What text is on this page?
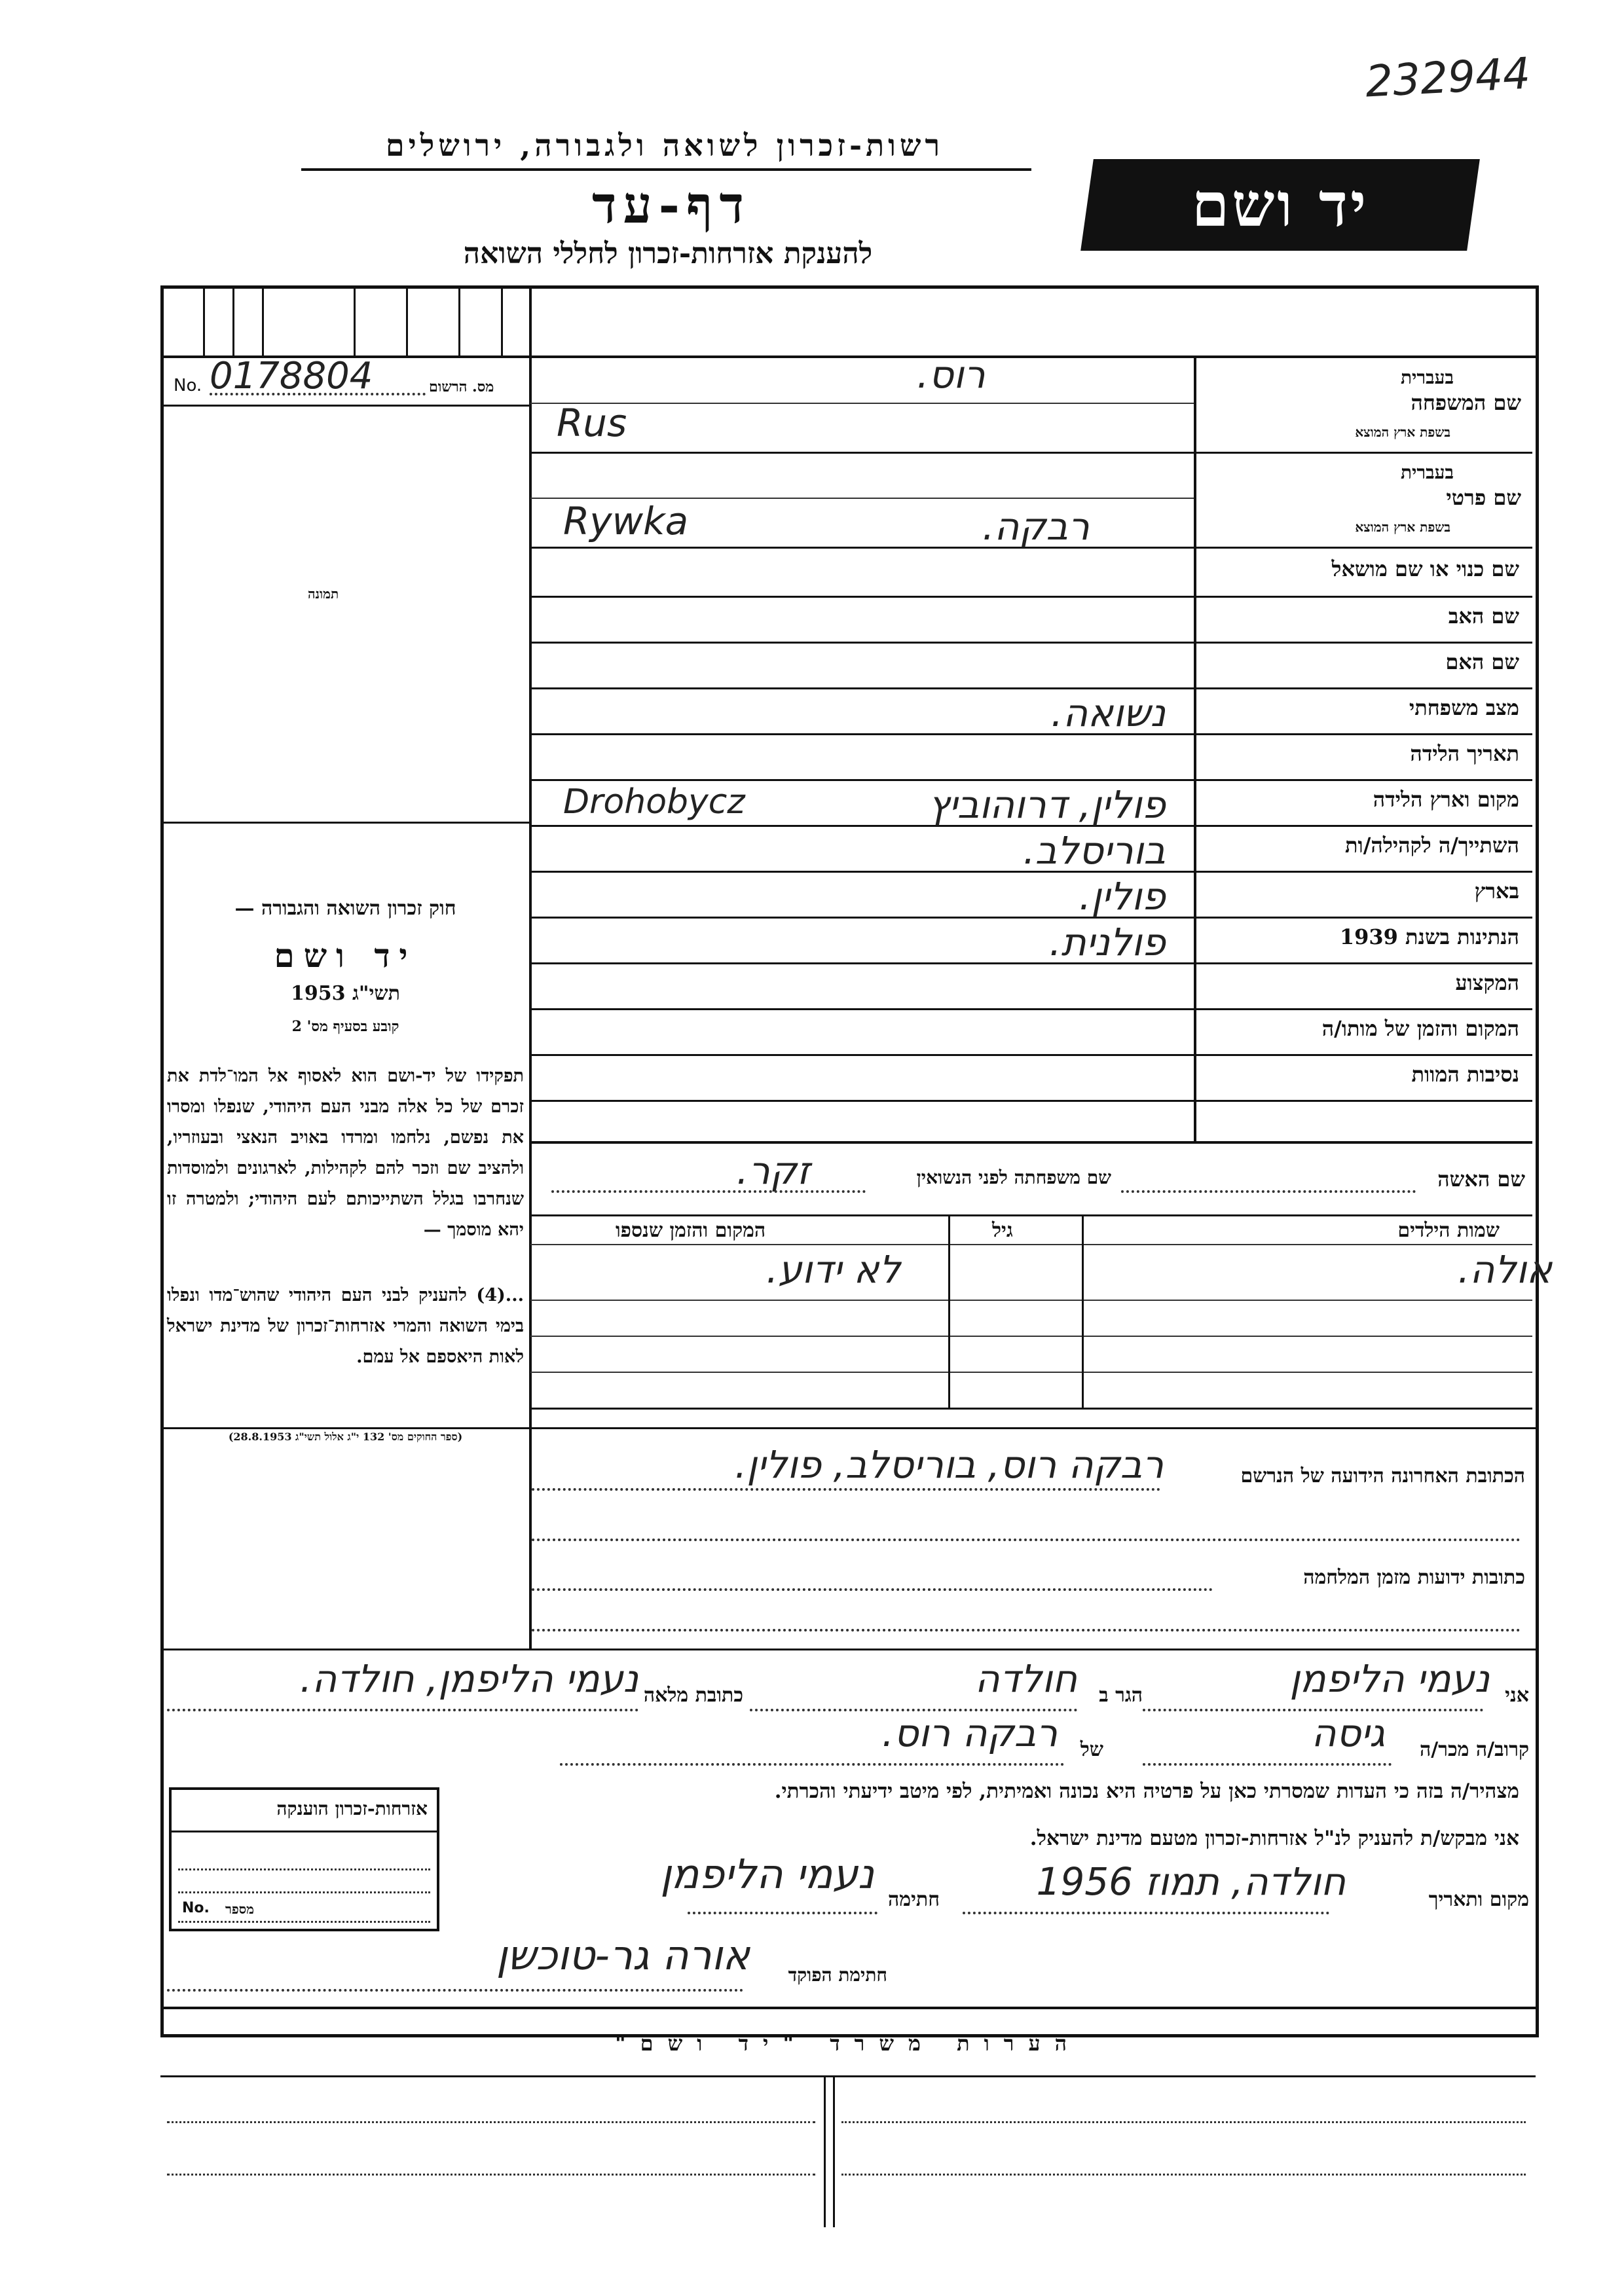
232944
רשות-זכרון לשואה ולגבורה, ירושלים
דף-עד
להענקת אזרחות-זכרון לחללי השואה
יד ושם
No. 0178804	מס. הרשום
תמונה
חוק זכרון השואה והגבורה —
יד ושם
תשי"ג 1953
קובע בסעיף מס' 2
תפקידו של יד-ושם הוא לאסוף אל המו־לדת את זכרם של כל אלה מבני העם היהודי, שנפלו ומסרו את נפשם, נלחמו ומרדו באויב הנאצי ובעוזריו, ולהציב שם וזכר להם לקהילות, לארגונים ולמוסדות שנחרבו בגלל השתייכותם לעם היהודי; ולמטרה זו יהא מוסמך —
...(4) להעניק לבני העם היהודי שהוש־מדו ונפלו בימי השואה והמרי אזרחות־זכרון של מדינת ישראל לאות היאספם אל עמם.
(ספר החוקים מס' 132 י"ג אלול תשי"ג 28.8.1953)
בעברית
שם המשפחה
בשפת ארץ המוצא
רוס.
Rus
בעברית
שם פרטי
בשפת ארץ המוצא
רבקה.
Rywka
שם כנוי או שם מושאל
שם האב
שם האם
מצב משפחתי
תאריך הלידה
מקום וארץ הלידה
השתייך/ה לקהילה/ות
בארץ
הנתינות בשנת 1939
המקצוע
המקום והזמן של מותו/ה
נסיבות המוות
נשואה.
פולין, דרוהוביץ
Drohobycz
בוריסלב.
פולין.
פולנית.
שם האשה
שם משפחתה לפני הנשואין
זקר.
שמות הילדים
גיל
המקום והזמן שנספו
אולה.
לא ידוע.
הכתובת האחרונה הידועה של הנרשם
רבקה רוס, בוריסלב, פולין.
כתובות ידועות מזמן המלחמה
אני
נעמי הליפמן
הגר ב
חולדה
כתובת מלאה
נעמי הליפמן, חולדה.
קרוב/ה מכר/ה
גיסה
של
רבקה רוס.
מצהיר/ה בזה כי העדות שמסרתי כאן על פרטיה היא נכונה ואמיתית, לפי מיטב ידיעתי והכרתי.
אני מבקש/ת להעניק לנ"ל אזרחות-זכרון מטעם מדינת ישראל.
מקום ותאריך
חולדה, תמוז 1956
חתימה
נעמי הליפמן
אזרחות-זכרון הוענקה
No. מספר
חתימת הפוקד
אורה גר-טוכשן
הערות משרד "יד ושם"
